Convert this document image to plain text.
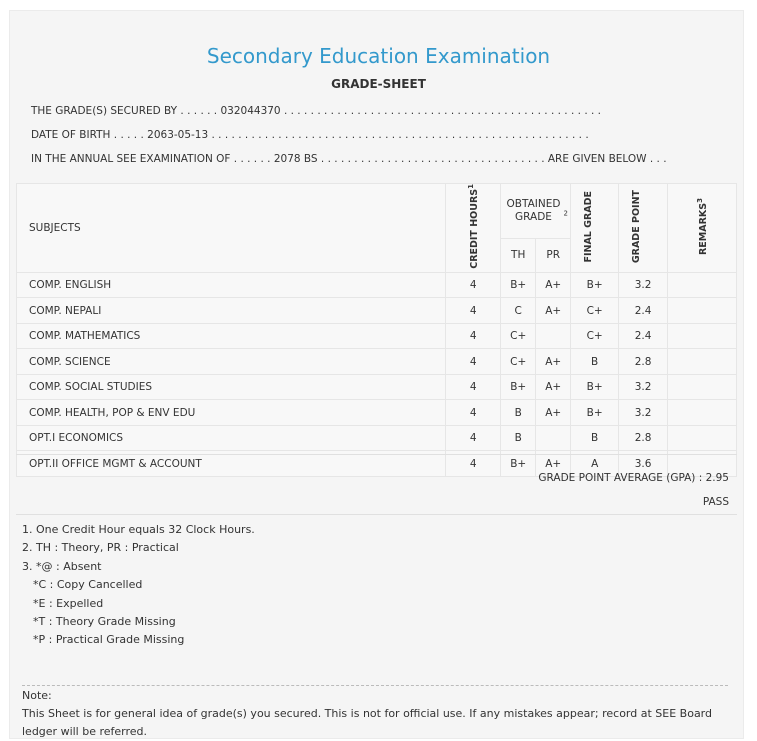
Secondary Education Examination
GRADE-SHEET
THE GRADE(S) SECURED BY . . . . . . 032044370 . . . . . . . . . . . . . . . . . . . . . . . . . . . . . . . . . . . . . . . . . . . . . . . .
DATE OF BIRTH . . . . . 2063-05-13 . . . . . . . . . . . . . . . . . . . . . . . . . . . . . . . . . . . . . . . . . . . . . . . . . . . . . . . . .
IN THE ANNUAL SEE EXAMINATION OF . . . . . . 2078 BS . . . . . . . . . . . . . . . . . . . . . . . . . . . . . . . . . . ARE GIVEN BELOW . . .
SUBJECTS	CREDIT HOURS$^1$	OBTAINED GRADE $^2$		FINAL GRADE	GRADE POINT	REMARKS$^3$
		TH	PR			
COMP. ENGLISH	4	B+	A+	B+	3.2	
COMP. NEPALI	4	C	A+	C+	2.4	
COMP. MATHEMATICS	4	C+		C+	2.4	
COMP. SCIENCE	4	C+	A+	B	2.8	
COMP. SOCIAL STUDIES	4	B+	A+	B+	3.2	
COMP. HEALTH, POP & ENV EDU	4	B	A+	B+	3.2	
OPT.I ECONOMICS	4	B		B	2.8	
OPT.II OFFICE MGMT & ACCOUNT	4	B+	A+	A	3.6	
GRADE POINT AVERAGE (GPA) : 2.95
PASS
1. One Credit Hour equals 32 Clock Hours.
2. TH : Theory, PR : Practical
3. *@ : Absent
*C : Copy Cancelled
*E : Expelled
*T : Theory Grade Missing
*P : Practical Grade Missing
Note:
This Sheet is for general idea of grade(s) you secured. This is not for official use. If any mistakes appear; record at SEE Board ledger will be referred.
